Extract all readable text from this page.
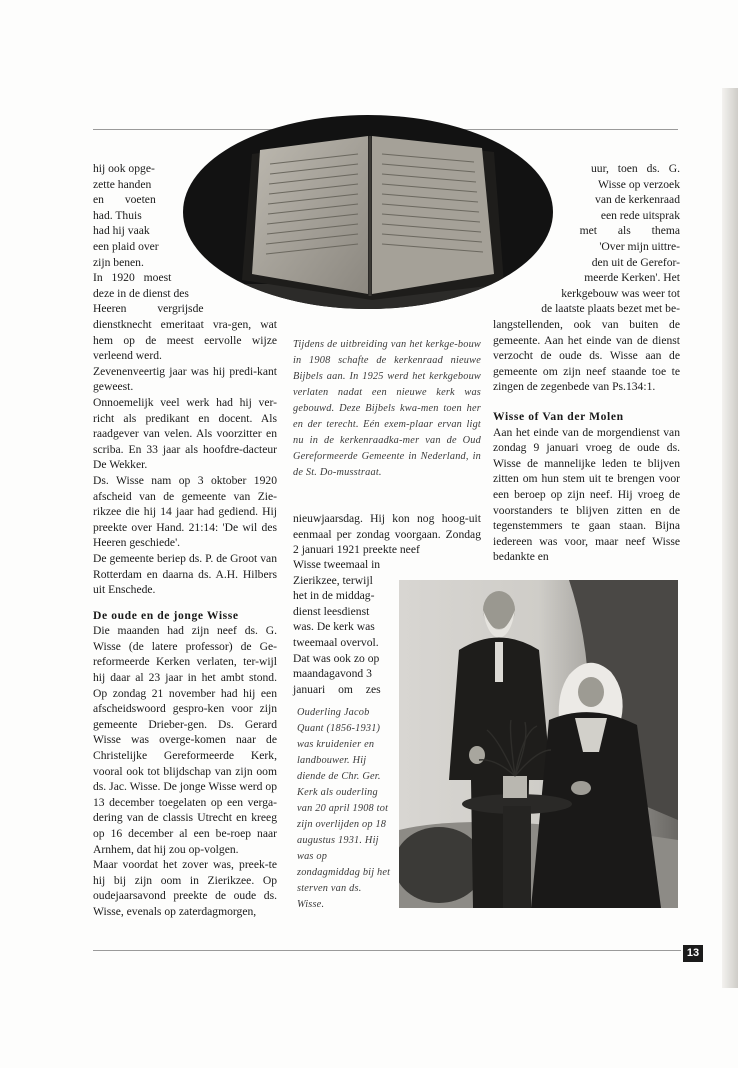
hij ook opge-
zette handen
en voeten
had. Thuis
had hij vaak
een plaid over
zijn benen.
In 1920 moest
deze in de dienst des
Heeren vergrijsde

dienstknecht emeritaat vra-gen, wat hem op de meest eervolle wijze verleend werd.

Zevenenveertig jaar was hij predi-kant geweest.

Onnoemelijk veel werk had hij ver-richt als predikant en docent. Als raadgever van velen. Als voorzitter en scriba. En 33 jaar als hoofdre-dacteur De Wekker.

Ds. Wisse nam op 3 oktober 1920 afscheid van de gemeente van Zie-rikzee die hij 14 jaar had gediend. Hij preekte over Hand. 21:14: 'De wil des Heeren geschiede'.

De gemeente beriep ds. P. de Groot van Rotterdam en daarna ds. A.H. Hilbers uit Enschede.

De oude en de jonge Wisse

Die maanden had zijn neef ds. G. Wisse (de latere professor) de Ge-reformeerde Kerken verlaten, ter-wijl hij daar al 23 jaar in het ambt stond. Op zondag 21 november had hij een afscheidswoord gespro-ken voor zijn gemeente Drieber-gen. Ds. Gerard Wisse was overge-komen naar de Christelijke Gereformeerde Kerk, vooral ook tot blijdschap van zijn oom ds. Jac. Wisse. De jonge Wisse werd op 13 december toegelaten op een verga-dering van de classis Utrecht en kreeg op 16 december al een be-roep naar Arnhem, dat hij zou op-volgen.

Maar voordat het zover was, preek-te hij bij zijn oom in Zierikzee. Op oudejaarsavond preekte de oude ds. Wisse, evenals op zaterdagmorgen,

Tijdens de uitbreiding van het kerkge-bouw in 1908 schafte de kerkenraad nieuwe Bijbels aan. In 1925 werd het kerkgebouw verlaten nadat een nieuwe kerk was gebouwd. Deze Bijbels kwa-men toen her en der terecht. Eén exem-plaar ervan ligt nu in de kerkenraadka-mer van de Oud Gereformeerde Gemeente in Nederland, in de St. Do-musstraat.

nieuwjaarsdag. Hij kon nog hoog-uit eenmaal per zondag voorgaan. Zondag 2 januari 1921 preekte neef

Wisse tweemaal in
Zierikzee, terwijl
het in de middag-
dienst leesdienst
was. De kerk was
tweemaal overvol.
Dat was ook zo op
maandagavond 3
januari om zes

Ouderling Jacob Quant (1856-1931) was kruidenier en landbouwer. Hij diende de Chr. Ger. Kerk als ouderling van 20 april 1908 tot zijn overlijden op 18 augustus 1931. Hij was op zondagmiddag bij het sterven van ds. Wisse.

uur, toen ds. G.
Wisse op verzoek
van de kerkenraad
een rede uitsprak
met als thema
'Over mijn uittre-
den uit de Gerefor-
meerde Kerken'. Het
kerkgebouw was weer tot
de laatste plaats bezet met be-

langstellenden, ook van buiten de gemeente. Aan het einde van de dienst verzocht de oude ds. Wisse aan de gemeente om zijn neef staande toe te zingen de zegenbede van Ps.134:1.

Wisse of Van der Molen

Aan het einde van de morgendienst van zondag 9 januari vroeg de oude ds. Wisse de mannelijke leden te blijven zitten om hun stem uit te brengen voor een beroep op zijn neef. Hij vroeg de voorstanders te blijven zitten en de tegenstemmers te gaan staan. Bijna iedereen was voor, maar neef Wisse bedankte en

13
